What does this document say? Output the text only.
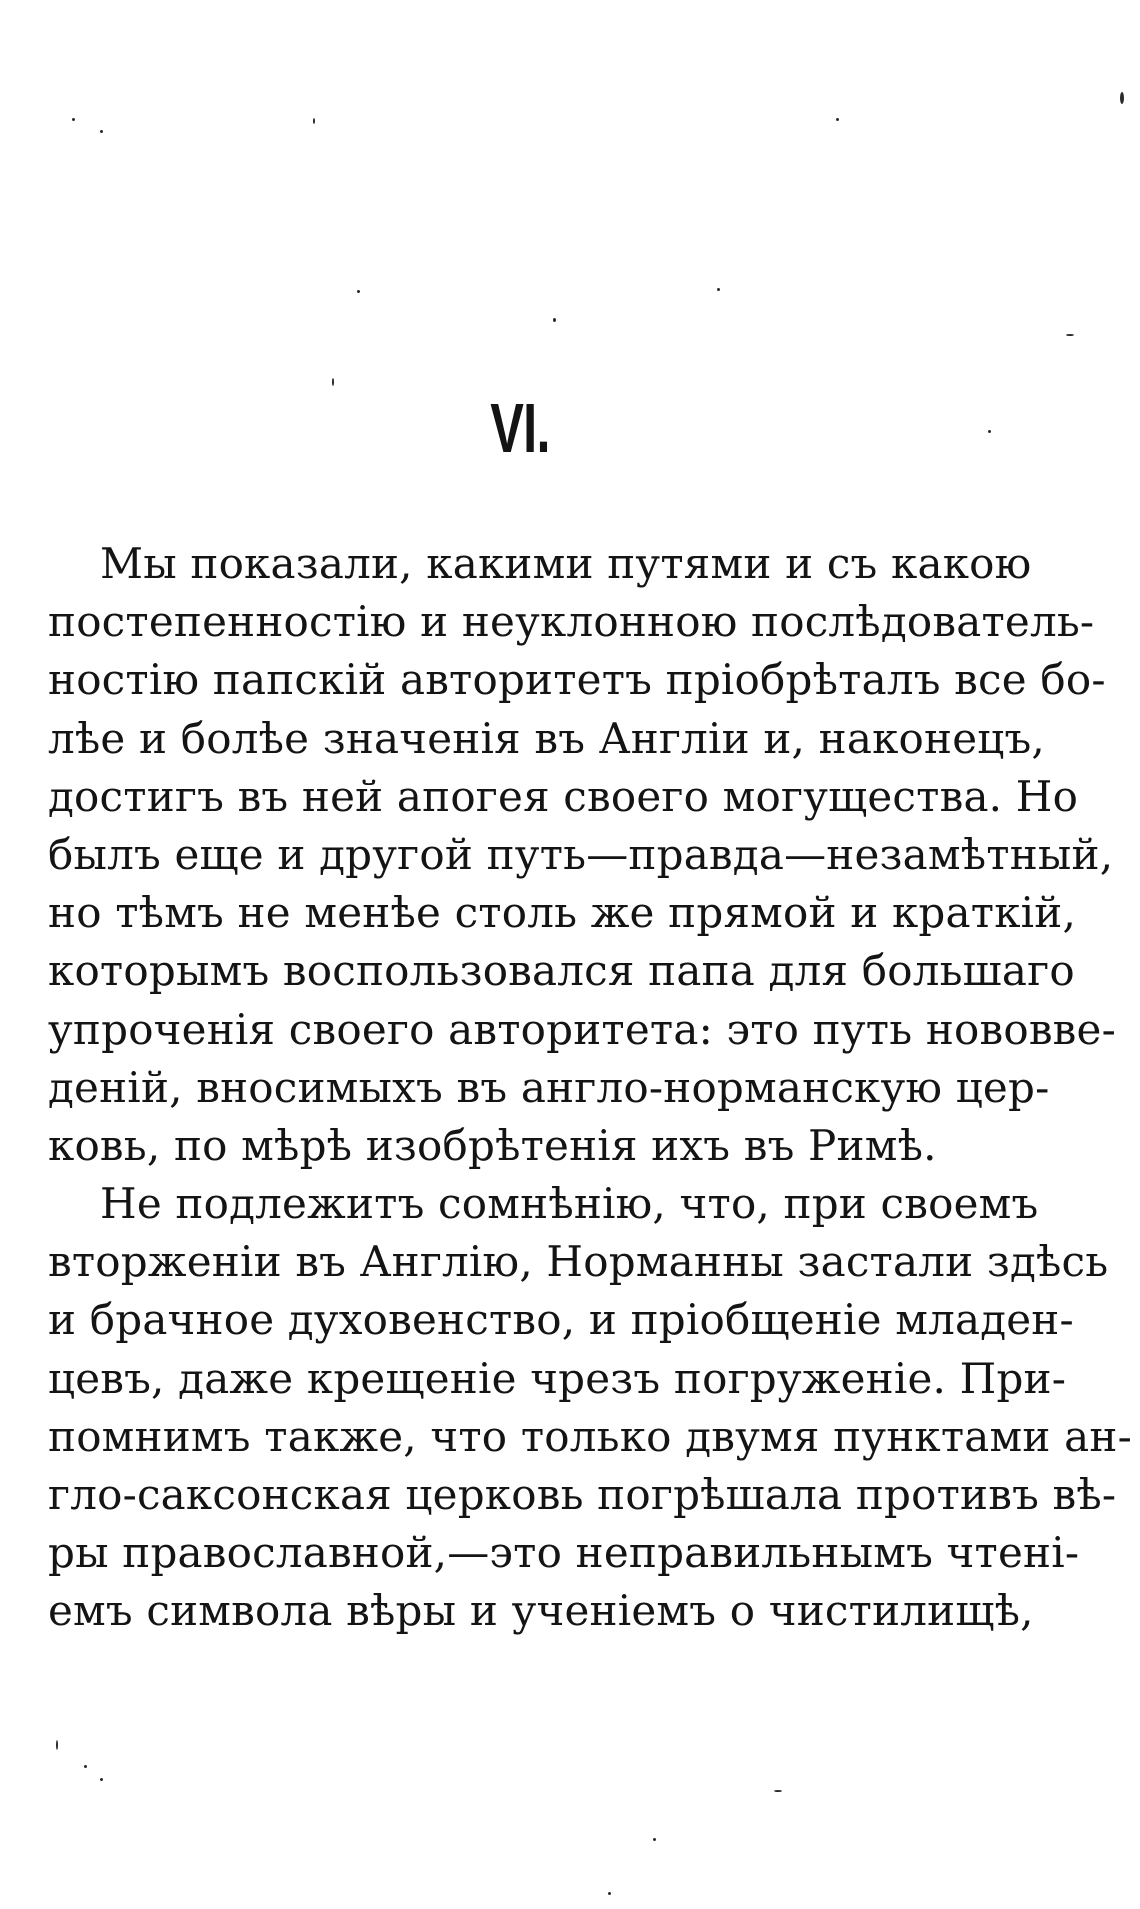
VI.
Мы показали, какими путями и съ какою
постепенностію и неуклонною послѣдователь-
ностію папскій авторитетъ пріобрѣталъ все бо-
лѣе и болѣе значенія въ Англіи и, наконецъ,
достигъ въ ней апогея своего могущества. Но
былъ еще и другой путь—правда—незамѣтный,
но тѣмъ не менѣе столь же прямой и краткій,
которымъ воспользовался папа для большаго
упроченія своего авторитета: это путь нововве-
деній, вносимыхъ въ англо-норманскую цер-
ковь, по мѣрѣ изобрѣтенія ихъ въ Римѣ.
Не подлежитъ сомнѣнію, что, при своемъ
вторженіи въ Англію, Норманны застали здѣсь
и брачное духовенство, и пріобщеніе младен-
цевъ, даже крещеніе чрезъ погруженіе. При-
помнимъ также, что только двумя пунктами ан-
гло-саксонская церковь погрѣшала противъ вѣ-
ры православной,—это неправильнымъ чтені-
емъ символа вѣры и ученіемъ о чистилищѣ,
